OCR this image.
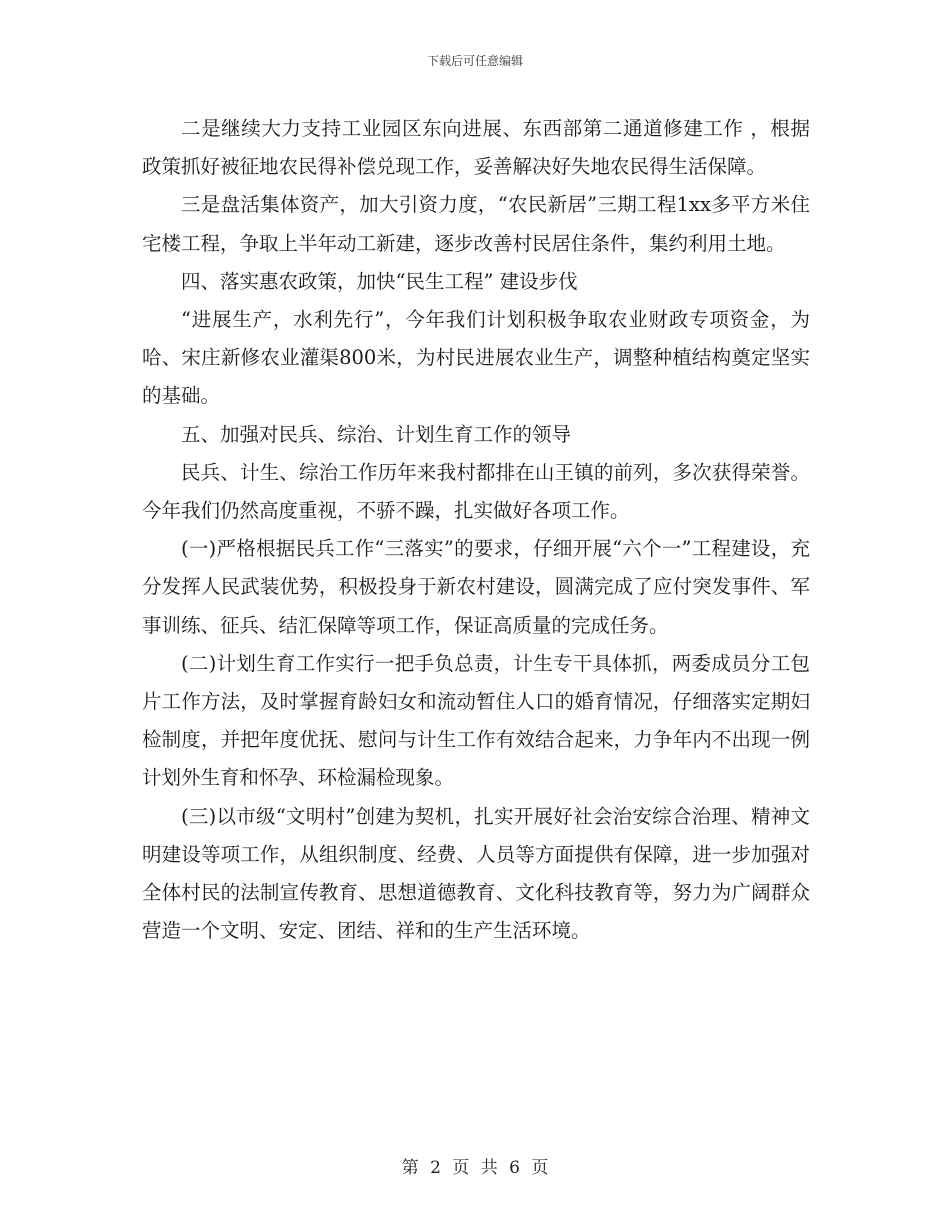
下载后可任意编辑

二是继续大力支持工业园区东向进展、东西部第二通道修建工作 ，根据政策抓好被征地农民得补偿兑现工作，妥善解决好失地农民得生活保障。

三是盘活集体资产，加大引资力度，“农民新居”三期工程1xx多平方米住宅楼工程，争取上半年动工新建，逐步改善村民居住条件，集约利用土地。

四、落实惠农政策，加快“民生工程” 建设步伐

“进展生产，水利先行”，今年我们计划积极争取农业财政专项资金，为哈、宋庄新修农业灌渠800米，为村民进展农业生产，调整种植结构奠定坚实的基础。

五、加强对民兵、综治、计划生育工作的领导

民兵、计生、综治工作历年来我村都排在山王镇的前列，多次获得荣誉。今年我们仍然高度重视，不骄不躁，扎实做好各项工作。

(一)严格根据民兵工作“三落实”的要求，仔细开展“六个一”工程建设，充分发挥人民武装优势，积极投身于新农村建设，圆满完成了应付突发事件、军事训练、征兵、结汇保障等项工作，保证高质量的完成任务。

(二)计划生育工作实行一把手负总责，计生专干具体抓，两委成员分工包片工作方法，及时掌握育龄妇女和流动暂住人口的婚育情况，仔细落实定期妇检制度，并把年度优抚、慰问与计生工作有效结合起来，力争年内不出现一例计划外生育和怀孕、环检漏检现象。

(三)以市级“文明村”创建为契机，扎实开展好社会治安综合治理、精神文明建设等项工作，从组织制度、经费、人员等方面提供有保障，进一步加强对全体村民的法制宣传教育、思想道德教育、文化科技教育等，努力为广阔群众营造一个文明、安定、团结、祥和的生产生活环境。

第 2 页 共 6 页
